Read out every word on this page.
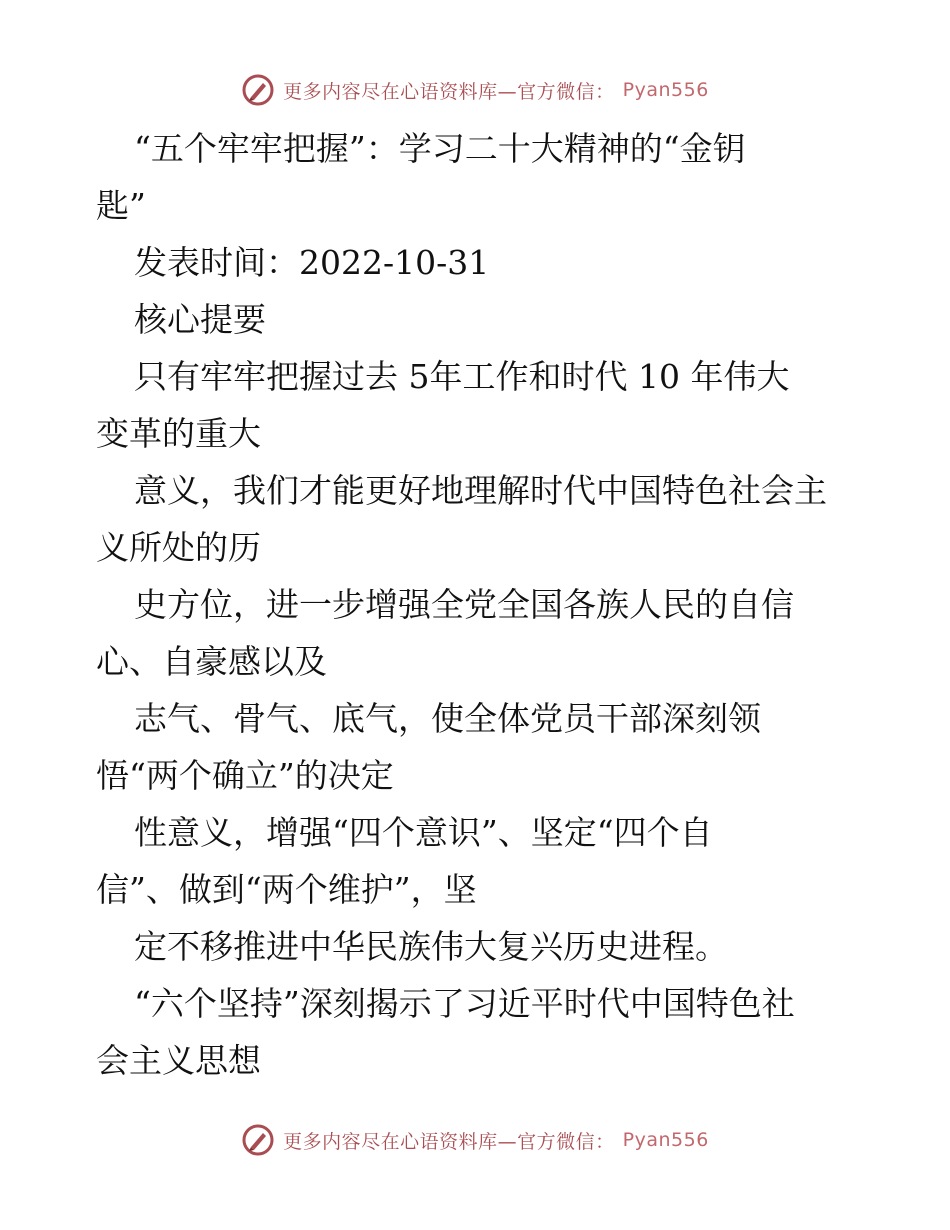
更多内容尽在心语资料库—官方微信： Pyan556

“五个牢牢把握”：学习二十大精神的“金钥

匙”

发表时间：2022-10-31

核心提要

只有牢牢把握过去 5年工作和时代 10 年伟大

变革的重大

意义，我们才能更好地理解时代中国特色社会主

义所处的历

史方位，进一步增强全党全国各族人民的自信

心、自豪感以及

志气、骨气、底气，使全体党员干部深刻领

悟“两个确立”的决定

性意义，增强“四个意识”、坚定“四个自

信”、做到“两个维护”，坚

定不移推进中华民族伟大复兴历史进程。

“六个坚持”深刻揭示了习近平时代中国特色社

会主义思想

更多内容尽在心语资料库—官方微信： Pyan556
